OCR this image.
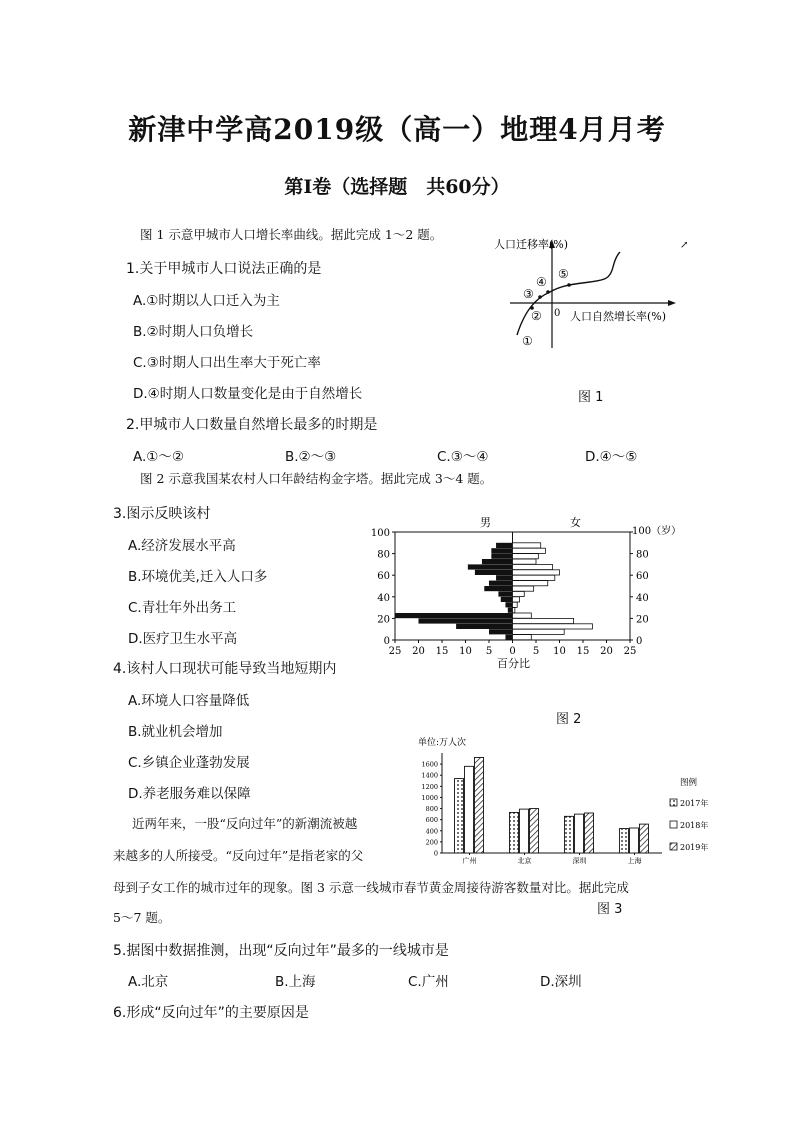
新津中学高2019级（高一）地理4月月考
第Ⅰ卷（选择题　共60分）
图 1 示意甲城市人口增长率曲线。据此完成 1～2 题。
1.关于甲城市人口说法正确的是
A.①时期以人口迁入为主
B.②时期人口负增长
C.③时期人口出生率大于死亡率
D.④时期人口数量变化是由于自然增长
2.甲城市人口数量自然增长最多的时期是
A.①～②	B.②～③	C.③～④	D.④～⑤
图 2 示意我国某农村人口年龄结构金字塔。据此完成 3～4 题。
3.图示反映该村
A.经济发展水平高
B.环境优美,迁入人口多
C.青壮年外出务工
D.医疗卫生水平高
4.该村人口现状可能导致当地短期内
A.环境人口容量降低
B.就业机会增加
C.乡镇企业蓬勃发展
D.养老服务难以保障
近两年来，一股“反向过年”的新潮流被越
来越多的人所接受。“反向过年”是指老家的父
母到子女工作的城市过年的现象。图 3 示意一线城市春节黄金周接待游客数量对比。据此完成
5～7 题。
5.据图中数据推测，出现“反向过年”最多的一线城市是
A.北京	B.上海	C.广州	D.深圳
6.形成“反向过年”的主要原因是
人口迁移率(%)
人口自然增长率(%)
0
①
②
③
④
⑤
↗
图 1
0
20
40
60
80
100
0
20
40
60
80
25 20 15 10 5 0 5 10 15 20 25
男	女
100（岁）
百分比
图 2
单位:万人次
0
200
400
600
800
1000
1200
1400
1600
广州	北京	深圳	上海
2017年
2018年
2019年
图例
图 3
